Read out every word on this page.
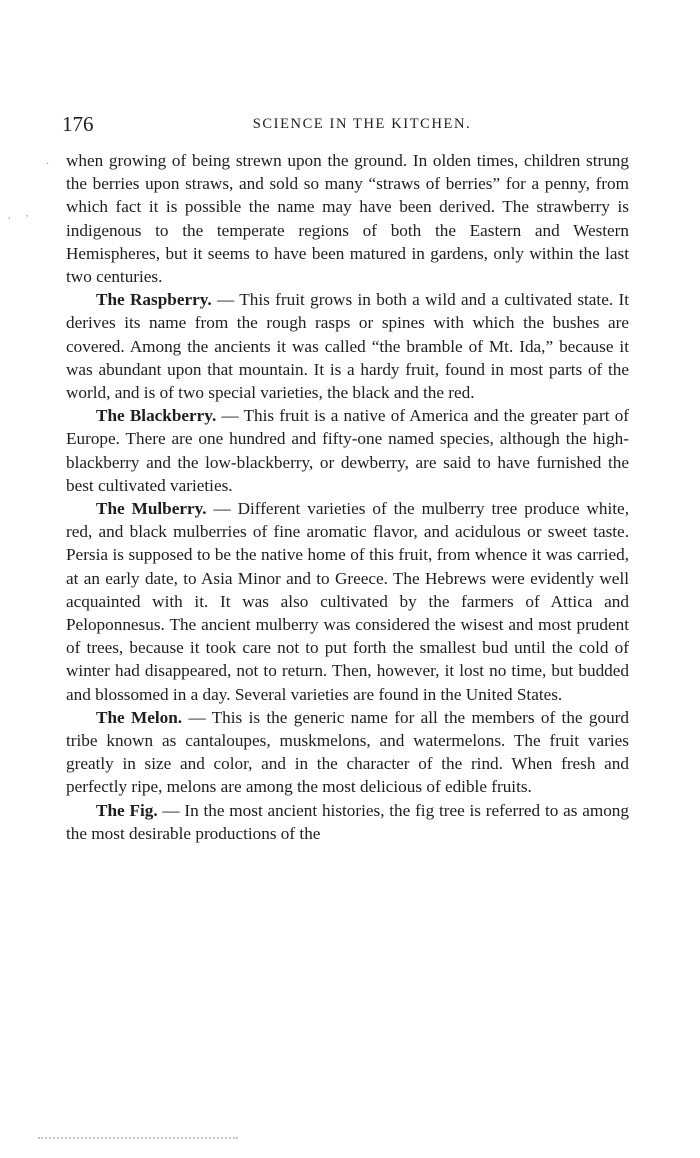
176	SCIENCE IN THE KITCHEN.
.
, ,

when growing of being strewn upon the ground. In olden times, children strung the berries upon straws, and sold so many “straws of berries” for a penny, from which fact it is possible the name may have been derived. The strawberry is indigenous to the temperate regions of both the Eastern and Western Hemispheres, but it seems to have been matured in gardens, only within the last two centuries.

The Raspberry. — This fruit grows in both a wild and a cultivated state. It derives its name from the rough rasps or spines with which the bushes are covered. Among the ancients it was called “the bramble of Mt. Ida,” because it was abundant upon that mountain. It is a hardy fruit, found in most parts of the world, and is of two special varieties, the black and the red.

The Blackberry. — This fruit is a native of America and the greater part of Europe. There are one hundred and fifty-one named species, although the high-blackberry and the low-blackberry, or dewberry, are said to have furnished the best cultivated varieties.

The Mulberry. — Different varieties of the mulberry tree produce white, red, and black mulberries of fine aromatic flavor, and acidulous or sweet taste. Persia is supposed to be the native home of this fruit, from whence it was carried, at an early date, to Asia Minor and to Greece. The Hebrews were evidently well acquainted with it. It was also cultivated by the farmers of Attica and Peloponnesus. The ancient mulberry was considered the wisest and most prudent of trees, because it took care not to put forth the smallest bud until the cold of winter had disappeared, not to return. Then, however, it lost no time, but budded and blossomed in a day. Several varieties are found in the United States.

The Melon. — This is the generic name for all the members of the gourd tribe known as cantaloupes, muskmelons, and watermelons. The fruit varies greatly in size and color, and in the character of the rind. When fresh and perfectly ripe, melons are among the most delicious of edible fruits.

The Fig. — In the most ancient histories, the fig tree is referred to as among the most desirable productions of the
